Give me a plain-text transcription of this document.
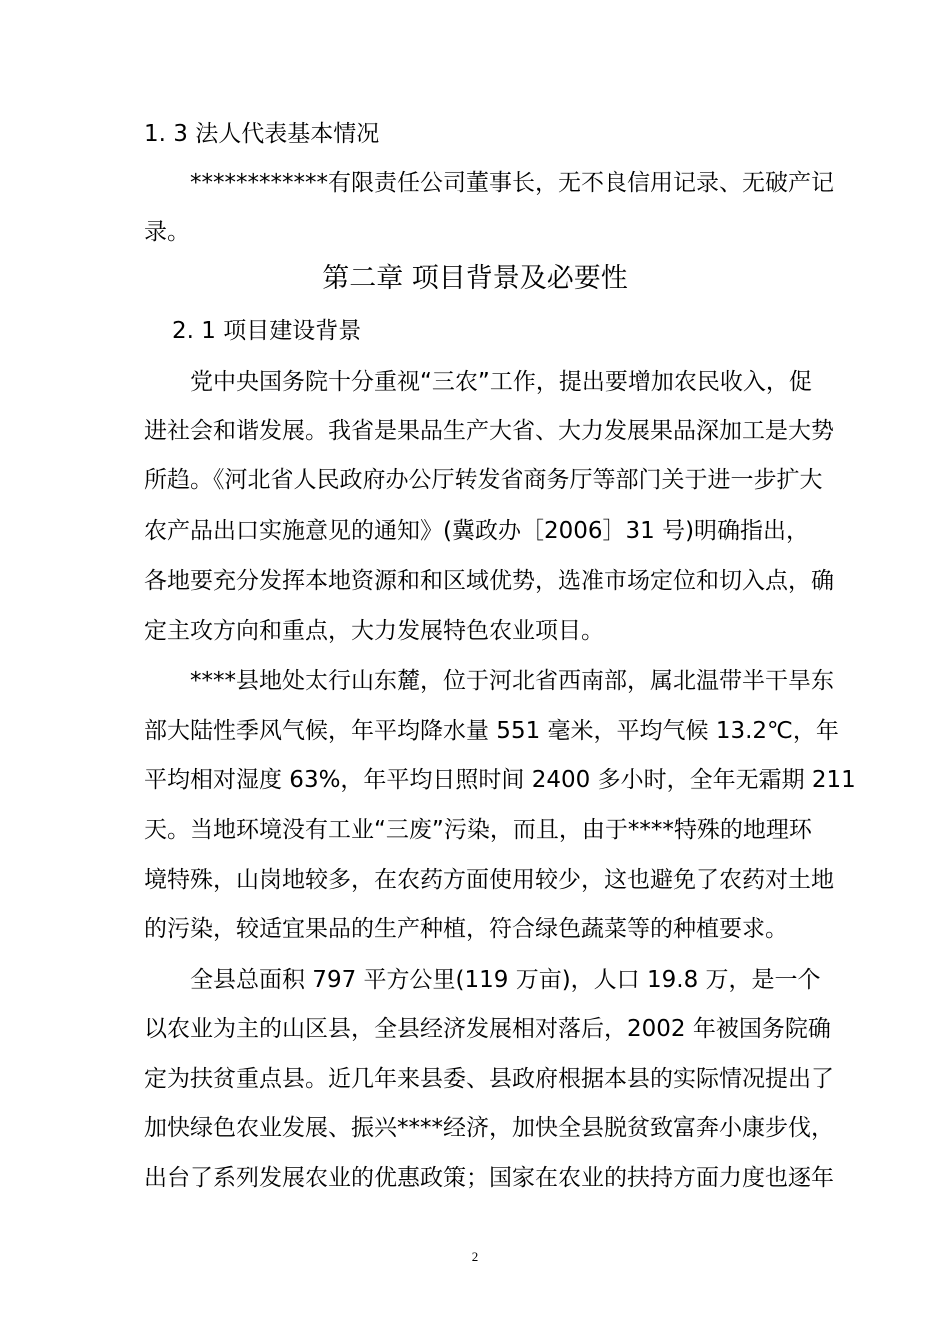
1. 3 法人代表基本情况
************有限责任公司董事长，无不良信用记录、无破产记
录。
第二章 项目背景及必要性
2. 1 项目建设背景
党中央国务院十分重视“三农”工作，提出要增加农民收入，促
进社会和谐发展。我省是果品生产大省、大力发展果品深加工是大势
所趋。《河北省人民政府办公厅转发省商务厅等部门关于进一步扩大
农产品出口实施意见的通知》(冀政办［2006］31 号)明确指出，
各地要充分发挥本地资源和和区域优势，选准市场定位和切入点，确
定主攻方向和重点，大力发展特色农业项目。
****县地处太行山东麓，位于河北省西南部，属北温带半干旱东
部大陆性季风气候，年平均降水量 551 毫米，平均气候 13.2℃，年
平均相对湿度 63%，年平均日照时间 2400 多小时，全年无霜期 211
天。当地环境没有工业“三废”污染，而且，由于****特殊的地理环
境特殊，山岗地较多，在农药方面使用较少，这也避免了农药对土地
的污染，较适宜果品的生产种植，符合绿色蔬菜等的种植要求。
全县总面积 797 平方公里(119 万亩)，人口 19.8 万，是一个
以农业为主的山区县，全县经济发展相对落后，2002 年被国务院确
定为扶贫重点县。近几年来县委、县政府根据本县的实际情况提出了
加快绿色农业发展、振兴****经济，加快全县脱贫致富奔小康步伐，
出台了系列发展农业的优惠政策；国家在农业的扶持方面力度也逐年
2
